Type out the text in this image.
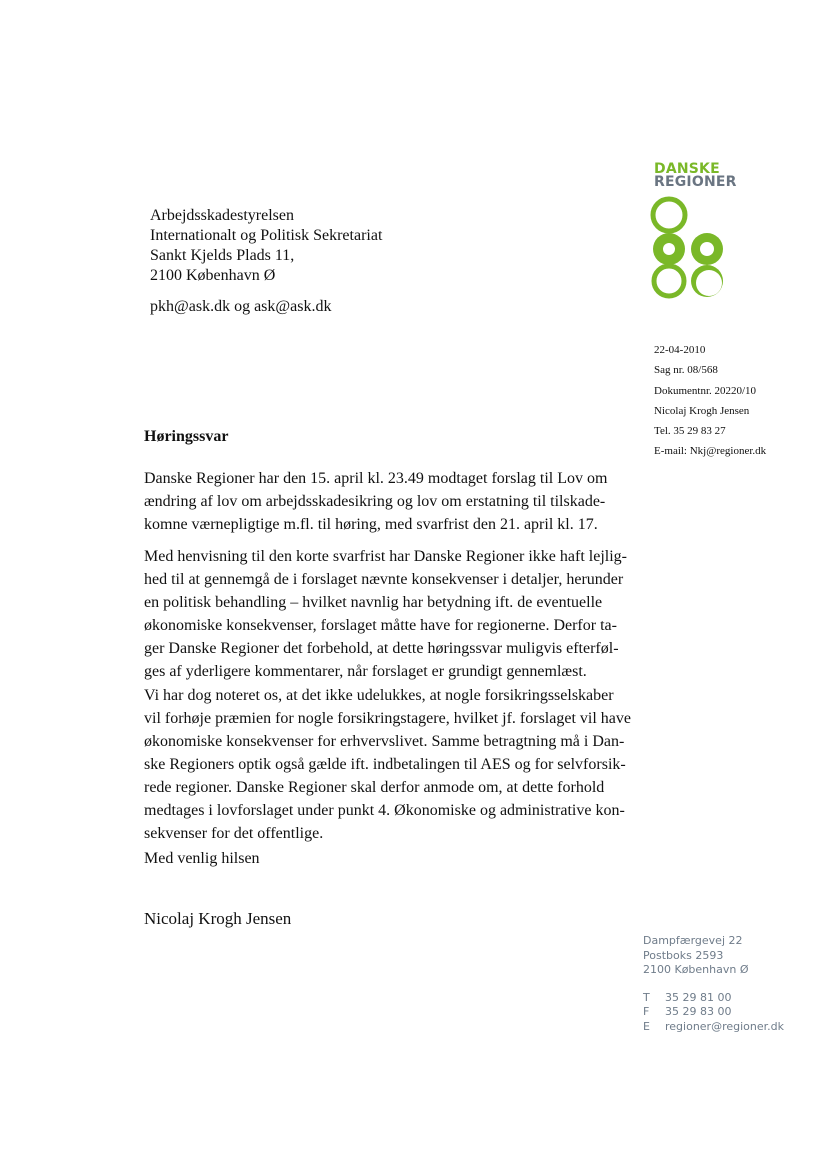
DANSKE
REGIONER
Arbejdsskadestyrelsen
Internationalt og Politisk Sekretariat
Sankt Kjelds Plads 11,
2100 København Ø
pkh@ask.dk og ask@ask.dk
22-04-2010
Sag nr. 08/568
Dokumentnr. 20220/10
Nicolaj Krogh Jensen
Tel. 35 29 83 27
E-mail: Nkj@regioner.dk
Høringssvar
Danske Regioner har den 15. april kl. 23.49 modtaget forslag til Lov om
ændring af lov om arbejdsskadesikring og lov om erstatning til tilskade-
komne værnepligtige m.fl. til høring, med svarfrist den 21. april kl. 17.
Med henvisning til den korte svarfrist har Danske Regioner ikke haft lejlig-
hed til at gennemgå de i forslaget nævnte konsekvenser i detaljer, herunder
en politisk behandling – hvilket navnlig har betydning ift. de eventuelle
økonomiske konsekvenser, forslaget måtte have for regionerne. Derfor ta-
ger Danske Regioner det forbehold, at dette høringssvar muligvis efterføl-
ges af yderligere kommentarer, når forslaget er grundigt gennemlæst.
Vi har dog noteret os, at det ikke udelukkes, at nogle forsikringsselskaber
vil forhøje præmien for nogle forsikringstagere, hvilket jf. forslaget vil have
økonomiske konsekvenser for erhvervslivet. Samme betragtning må i Dan-
ske Regioners optik også gælde ift. indbetalingen til AES og for selvforsik-
rede regioner. Danske Regioner skal derfor anmode om, at dette forhold
medtages i lovforslaget under punkt 4. Økonomiske og administrative kon-
sekvenser for det offentlige.
Med venlig hilsen
Nicolaj Krogh Jensen
Dampfærgevej 22
Postboks 2593
2100 København Ø
T	35 29 81 00
F	35 29 83 00
E	regioner@regioner.dk
